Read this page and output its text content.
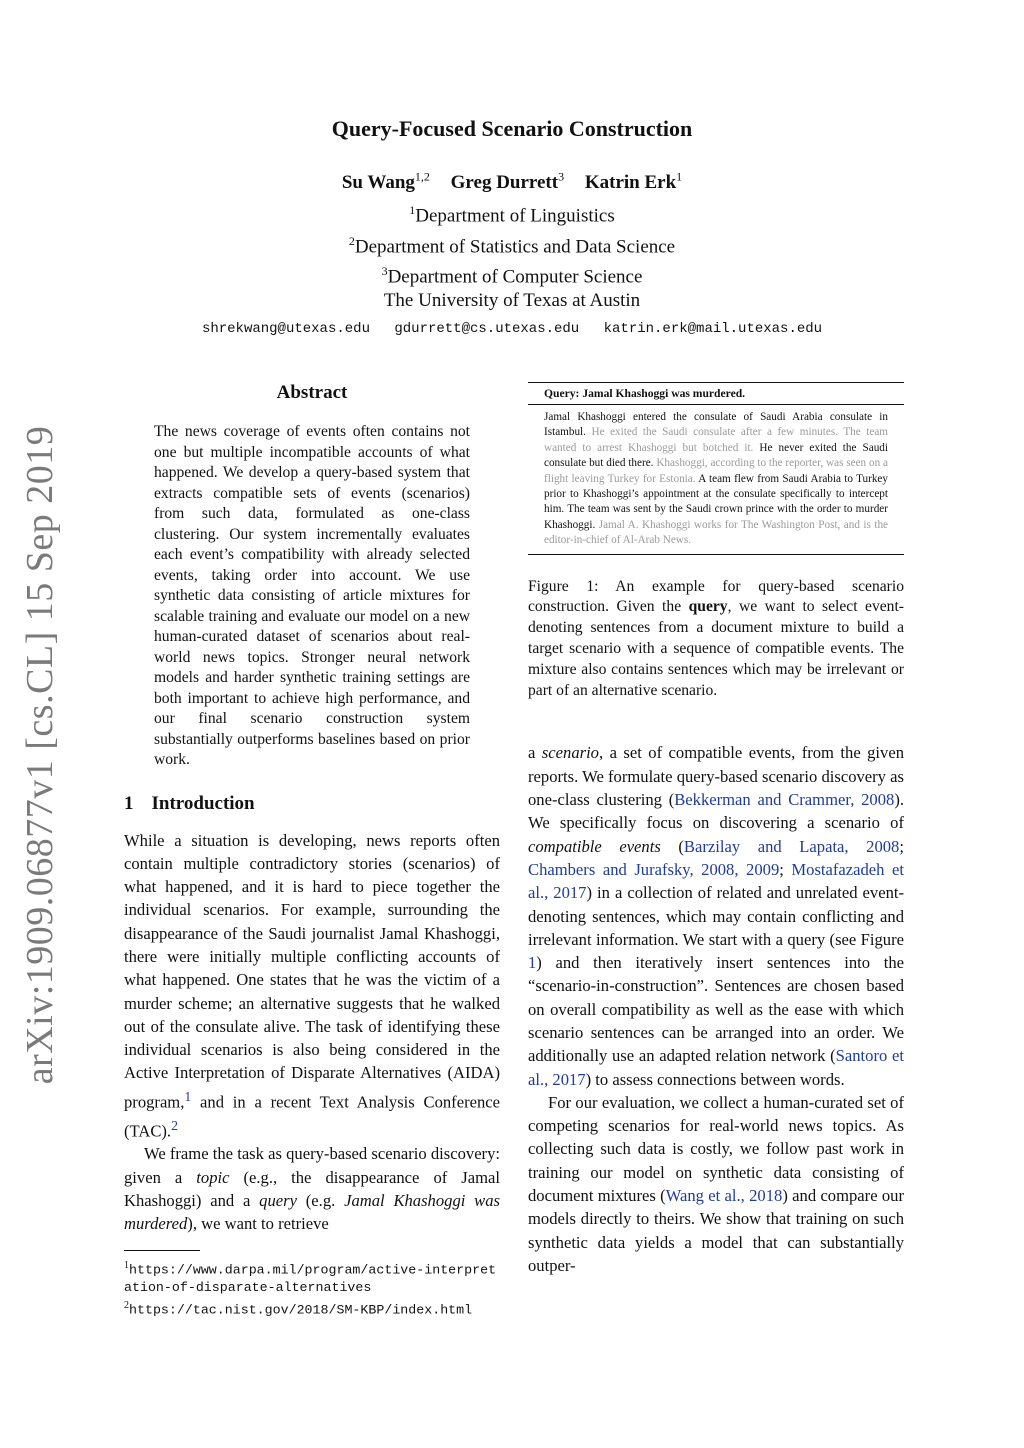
arXiv:1909.06877v1 [cs.CL] 15 Sep 2019
Query-Focused Scenario Construction
Su Wang$^{1,2}$ Greg Durrett$^3$ Katrin Erk$^1$
$^1$Department of Linguistics
$^2$Department of Statistics and Data Science
$^3$Department of Computer Science
The University of Texas at Austin
shrekwang@utexas.edu gdurrett@cs.utexas.edu katrin.erk@mail.utexas.edu
Abstract
The news coverage of events often contains not one but multiple incompatible accounts of what happened. We develop a query-based system that extracts compatible sets of events (scenarios) from such data, formulated as one-class clustering. Our system incrementally evaluates each event’s compatibility with already selected events, taking order into account. We use synthetic data consisting of article mixtures for scalable training and evaluate our model on a new human-curated dataset of scenarios about real-world news topics. Stronger neural network models and harder synthetic training settings are both important to achieve high performance, and our final scenario construction system substantially outperforms baselines based on prior work.
1 Introduction

While a situation is developing, news reports often contain multiple contradictory stories (scenarios) of what happened, and it is hard to piece together the individual scenarios. For example, surrounding the disappearance of the Saudi journalist Jamal Khashoggi, there were initially multiple conflicting accounts of what happened. One states that he was the victim of a murder scheme; an alternative suggests that he walked out of the consulate alive. The task of identifying these individual scenarios is also being considered in the Active Interpretation of Disparate Alternatives (AIDA) program,$^1$ and in a recent Text Analysis Conference (TAC).$^2$

We frame the task as query-based scenario discovery: given a topic (e.g., the disappearance of Jamal Khashoggi) and a query (e.g. Jamal Khashoggi was murdered), we want to retrieve

$^1$https://www.darpa.mil/program/active-interpretation-of-disparate-alternatives
$^2$https://tac.nist.gov/2018/SM-KBP/index.html
Query: Jamal Khashoggi was murdered.
Jamal Khashoggi entered the consulate of Saudi Arabia consulate in Istambul. He exited the Saudi consulate after a few minutes. The team wanted to arrest Khashoggi but botched it. He never exited the Saudi consulate but died there. Khashoggi, according to the reporter, was seen on a flight leaving Turkey for Estonia. A team flew from Saudi Arabia to Turkey prior to Khashoggi’s appointment at the consulate specifically to intercept him. The team was sent by the Saudi crown prince with the order to murder Khashoggi. Jamal A. Khashoggi works for The Washington Post, and is the editor-in-chief of Al-Arab News.

Figure 1: An example for query-based scenario construction. Given the query, we want to select event-denoting sentences from a document mixture to build a target scenario with a sequence of compatible events. The mixture also contains sentences which may be irrelevant or part of an alternative scenario.

a scenario, a set of compatible events, from the given reports. We formulate query-based scenario discovery as one-class clustering (Bekkerman and Crammer, 2008). We specifically focus on discovering a scenario of compatible events (Barzilay and Lapata, 2008; Chambers and Jurafsky, 2008, 2009; Mostafazadeh et al., 2017) in a collection of related and unrelated event-denoting sentences, which may contain conflicting and irrelevant information. We start with a query (see Figure 1) and then iteratively insert sentences into the “scenario-in-construction”. Sentences are chosen based on overall compatibility as well as the ease with which scenario sentences can be arranged into an order. We additionally use an adapted relation network (Santoro et al., 2017) to assess connections between words.

For our evaluation, we collect a human-curated set of competing scenarios for real-world news topics. As collecting such data is costly, we follow past work in training our model on synthetic data consisting of document mixtures (Wang et al., 2018) and compare our models directly to theirs. We show that training on such synthetic data yields a model that can substantially outper-
